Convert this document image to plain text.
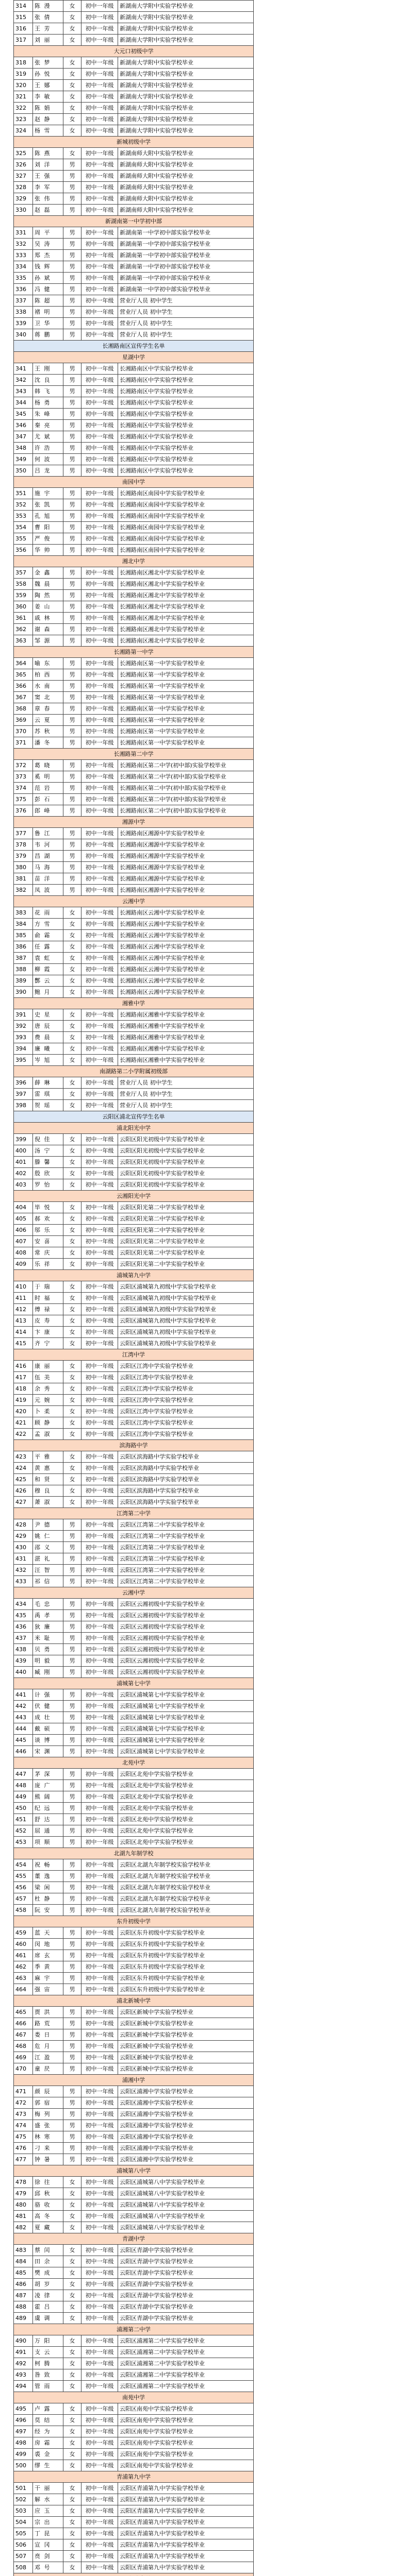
314	陈 漫	女	初中一年级	新湖南大学附中实验学校毕业
315	张 倩	女	初中一年级	新湖南大学附中实验学校毕业
316	王 芳	女	初中一年级	新湖南大学附中实验学校毕业
317	刘 丽	女	初中一年级	新湖南大学附中实验学校毕业
大元口初级中学				
318	张 梦	女	初中一年级	新湖南大学附中实验学校毕业
319	孙 悦	女	初中一年级	新湖南大学附中实验学校毕业
320	王 娜	女	初中一年级	新湖南大学附中实验学校毕业
321	李 敏	女	初中一年级	新湖南大学附中实验学校毕业
322	陈 娟	女	初中一年级	新湖南大学附中实验学校毕业
323	赵 静	女	初中一年级	新湖南大学附中实验学校毕业
324	杨 雪	女	初中一年级	新湖南大学附中实验学校毕业
新城初级中学				
325	陈 燕	女	初中一年级	新湖南师大附中实验学校毕业
326	刘 洋	男	初中一年级	新湖南师大附中实验学校毕业
327	王 强	男	初中一年级	新湖南师大附中实验学校毕业
328	李 军	男	初中一年级	新湖南师大附中实验学校毕业
329	张 伟	男	初中一年级	新湖南师大附中实验学校毕业
330	赵 磊	男	初中一年级	新湖南师大附中实验学校毕业
新湖南第一中学初中部				
331	周 平	男	初中一年级	新湖南第一中学初中部实验学校毕业
332	吴 涛	男	初中一年级	新湖南第一中学初中部实验学校毕业
333	郑 杰	男	初中一年级	新湖南第一中学初中部实验学校毕业
334	钱 辉	男	初中一年级	新湖南第一中学初中部实验学校毕业
335	孙 斌	男	初中一年级	新湖南第一中学初中部实验学校毕业
336	冯 健	男	初中一年级	新湖南第一中学初中部实验学校毕业
337	陈 超	男	初中一年级	营业厅人员 初中学生
338	褚 明	男	初中一年级	营业厅人员 初中学生
339	卫 华	男	初中一年级	营业厅人员 初中学生
340	蒋 鹏	男	初中一年级	营业厅人员 初中学生
长湘路南区宣传学生名单				
星湖中学				
341	王 刚	男	初中一年级	长湘路南区中学实验学校毕业
342	沈 良	男	初中一年级	长湘路南区中学实验学校毕业
343	韩 飞	男	初中一年级	长湘路南区中学实验学校毕业
344	杨 勇	男	初中一年级	长湘路南区中学实验学校毕业
345	朱 峰	男	初中一年级	长湘路南区中学实验学校毕业
346	秦 亮	男	初中一年级	长湘路南区中学实验学校毕业
347	尤 斌	男	初中一年级	长湘路南区中学实验学校毕业
348	许 浩	男	初中一年级	长湘路南区中学实验学校毕业
349	何 波	男	初中一年级	长湘路南区中学实验学校毕业
350	吕 龙	男	初中一年级	长湘路南区中学实验学校毕业
南园中学				
351	施 宇	男	初中一年级	长湘路南区南园中学实验学校毕业
352	张 凯	男	初中一年级	长湘路南区南园中学实验学校毕业
353	孔 旭	男	初中一年级	长湘路南区南园中学实验学校毕业
354	曹 阳	男	初中一年级	长湘路南区南园中学实验学校毕业
355	严 俊	男	初中一年级	长湘路南区南园中学实验学校毕业
356	华 帅	男	初中一年级	长湘路南区南园中学实验学校毕业
湘北中学				
357	金 鑫	男	初中一年级	长湘路南区湘北中学实验学校毕业
358	魏 晨	男	初中一年级	长湘路南区湘北中学实验学校毕业
359	陶 然	男	初中一年级	长湘路南区湘北中学实验学校毕业
360	姜 山	男	初中一年级	长湘路南区湘北中学实验学校毕业
361	戚 林	男	初中一年级	长湘路南区湘北中学实验学校毕业
362	谢 森	男	初中一年级	长湘路南区湘北中学实验学校毕业
363	邹 源	男	初中一年级	长湘路南区湘北中学实验学校毕业
长湘路第一中学				
364	喻 东	男	初中一年级	长湘路南区第一中学实验学校毕业
365	柏 西	男	初中一年级	长湘路南区第一中学实验学校毕业
366	水 南	男	初中一年级	长湘路南区第一中学实验学校毕业
367	窦 北	男	初中一年级	长湘路南区第一中学实验学校毕业
368	章 春	男	初中一年级	长湘路南区第一中学实验学校毕业
369	云 夏	男	初中一年级	长湘路南区第一中学实验学校毕业
370	苏 秋	男	初中一年级	长湘路南区第一中学实验学校毕业
371	潘 冬	男	初中一年级	长湘路南区第一中学实验学校毕业
长湘路第二中学				
372	葛 晓	男	初中一年级	长湘路南区第二中学(初中部)实验学校毕业
373	奚 明	男	初中一年级	长湘路南区第二中学(初中部)实验学校毕业
374	范 岩	男	初中一年级	长湘路南区第二中学(初中部)实验学校毕业
375	彭 石	男	初中一年级	长湘路南区第二中学(初中部)实验学校毕业
376	郎 峰	男	初中一年级	长湘路南区第二中学(初中部)实验学校毕业
湘源中学				
377	鲁 江	男	初中一年级	长湘路南区湘源中学实验学校毕业
378	韦 河	男	初中一年级	长湘路南区湘源中学实验学校毕业
379	昌 湖	男	初中一年级	长湘路南区湘源中学实验学校毕业
380	马 海	男	初中一年级	长湘路南区湘源中学实验学校毕业
381	苗 洋	男	初中一年级	长湘路南区湘源中学实验学校毕业
382	凤 波	男	初中一年级	长湘路南区湘源中学实验学校毕业
云湘中学				
383	花 雨	女	初中一年级	长湘路南区云湘中学实验学校毕业
384	方 雪	女	初中一年级	长湘路南区云湘中学实验学校毕业
385	俞 霜	女	初中一年级	长湘路南区云湘中学实验学校毕业
386	任 露	女	初中一年级	长湘路南区云湘中学实验学校毕业
387	袁 虹	女	初中一年级	长湘路南区云湘中学实验学校毕业
388	柳 霞	女	初中一年级	长湘路南区云湘中学实验学校毕业
389	酆 云	女	初中一年级	长湘路南区云湘中学实验学校毕业
390	鲍 月	女	初中一年级	长湘路南区云湘中学实验学校毕业
湘雅中学				
391	史 星	女	初中一年级	长湘路南区湘雅中学实验学校毕业
392	唐 辰	女	初中一年级	长湘路南区湘雅中学实验学校毕业
393	费 晨	女	初中一年级	长湘路南区湘雅中学实验学校毕业
394	廉 曦	女	初中一年级	长湘路南区湘雅中学实验学校毕业
395	岑 旭	女	初中一年级	长湘路南区湘雅中学实验学校毕业
南湖路第二小学附属初级部				
396	薛 琳	女	初中一年级	营业厅人员 初中学生
397	雷 琪	女	初中一年级	营业厅人员 初中学生
398	贺 瑶	女	初中一年级	营业厅人员 初中学生
云阳区浦北宣传学生名单				
浦北阳光中学				
399	倪 佳	女	初中一年级	云阳区阳光初级中学实验学校毕业
400	汤 宁	女	初中一年级	云阳区阳光初级中学实验学校毕业
401	滕 馨	女	初中一年级	云阳区阳光初级中学实验学校毕业
402	殷 欣	女	初中一年级	云阳区阳光初级中学实验学校毕业
403	罗 怡	女	初中一年级	云阳区阳光初级中学实验学校毕业
云湘阳光中学				
404	毕 悦	女	初中一年级	云阳区阳光第二中学实验学校毕业
405	郝 欢	女	初中一年级	云阳区阳光第二中学实验学校毕业
406	邬 乐	女	初中一年级	云阳区阳光第二中学实验学校毕业
407	安 喜	女	初中一年级	云阳区阳光第二中学实验学校毕业
408	常 庆	女	初中一年级	云阳区阳光第二中学实验学校毕业
409	乐 祥	女	初中一年级	云阳区阳光第二中学实验学校毕业
浦城第九中学				
410	于 瑞	女	初中一年级	云阳区浦城第九初级中学实验学校毕业
411	时 福	女	初中一年级	云阳区浦城第九初级中学实验学校毕业
412	傅 禄	女	初中一年级	云阳区浦城第九初级中学实验学校毕业
413	皮 寿	女	初中一年级	云阳区浦城第九初级中学实验学校毕业
414	卞 康	女	初中一年级	云阳区浦城第九初级中学实验学校毕业
415	齐 宁	女	初中一年级	云阳区浦城第九初级中学实验学校毕业
江湾中学				
416	康 丽	女	初中一年级	云阳区江湾中学实验学校毕业
417	伍 美	女	初中一年级	云阳区江湾中学实验学校毕业
418	余 秀	女	初中一年级	云阳区江湾中学实验学校毕业
419	元 婉	女	初中一年级	云阳区江湾中学实验学校毕业
420	卜 柔	女	初中一年级	云阳区江湾中学实验学校毕业
421	顾 静	女	初中一年级	云阳区江湾中学实验学校毕业
422	孟 淑	女	初中一年级	云阳区江湾中学实验学校毕业
滨海路中学				
423	平 雅	女	初中一年级	云阳区滨海路中学实验学校毕业
424	黄 惠	女	初中一年级	云阳区滨海路中学实验学校毕业
425	和 贤	女	初中一年级	云阳区滨海路中学实验学校毕业
426	穆 良	女	初中一年级	云阳区滨海路中学实验学校毕业
427	萧 淑	女	初中一年级	云阳区滨海路中学实验学校毕业
江湾第二中学				
428	尹 德	男	初中一年级	云阳区江湾第二中学实验学校毕业
429	姚 仁	男	初中一年级	云阳区江湾第二中学实验学校毕业
430	邵 义	男	初中一年级	云阳区江湾第二中学实验学校毕业
431	湛 礼	男	初中一年级	云阳区江湾第二中学实验学校毕业
432	汪 智	男	初中一年级	云阳区江湾第二中学实验学校毕业
433	祁 信	男	初中一年级	云阳区江湾第二中学实验学校毕业
云湘中学				
434	毛 忠	男	初中一年级	云阳区云湘初级中学实验学校毕业
435	禹 孝	男	初中一年级	云阳区云湘初级中学实验学校毕业
436	狄 廉	男	初中一年级	云阳区云湘初级中学实验学校毕业
437	米 耻	男	初中一年级	云阳区云湘初级中学实验学校毕业
438	贝 勇	男	初中一年级	云阳区云湘初级中学实验学校毕业
439	明 毅	男	初中一年级	云阳区云湘初级中学实验学校毕业
440	臧 刚	男	初中一年级	云阳区云湘初级中学实验学校毕业
浦城第七中学				
441	计 强	男	初中一年级	云阳区浦城第七中学实验学校毕业
442	伏 健	男	初中一年级	云阳区浦城第七中学实验学校毕业
443	成 壮	男	初中一年级	云阳区浦城第七中学实验学校毕业
444	戴 硕	男	初中一年级	云阳区浦城第七中学实验学校毕业
445	谈 博	男	初中一年级	云阳区浦城第七中学实验学校毕业
446	宋 渊	男	初中一年级	云阳区浦城第七中学实验学校毕业
北苑中学				
447	茅 深	男	初中一年级	云阳区北苑中学实验学校毕业
448	庞 广	男	初中一年级	云阳区北苑中学实验学校毕业
449	熊 阔	男	初中一年级	云阳区北苑中学实验学校毕业
450	纪 远	男	初中一年级	云阳区北苑中学实验学校毕业
451	舒 达	男	初中一年级	云阳区北苑中学实验学校毕业
452	屈 通	男	初中一年级	云阳区北苑中学实验学校毕业
453	项 顺	男	初中一年级	云阳区北苑中学实验学校毕业
北湖九年制学校				
454	祝 畅	男	初中一年级	云阳区北湖九年制学校实验学校毕业
455	董 逸	男	初中一年级	云阳区北湖九年制学校实验学校毕业
456	梁 闲	男	初中一年级	云阳区北湖九年制学校实验学校毕业
457	杜 静	男	初中一年级	云阳区北湖九年制学校实验学校毕业
458	阮 安	男	初中一年级	云阳区北湖九年制学校实验学校毕业
东升初级中学				
459	蓝 天	男	初中一年级	云阳区东升初级中学实验学校毕业
460	闵 地	男	初中一年级	云阳区东升初级中学实验学校毕业
461	席 玄	男	初中一年级	云阳区东升初级中学实验学校毕业
462	季 黄	男	初中一年级	云阳区东升初级中学实验学校毕业
463	麻 宇	男	初中一年级	云阳区东升初级中学实验学校毕业
464	强 宙	男	初中一年级	云阳区东升初级中学实验学校毕业
浦北新城中学				
465	贾 洪	男	初中一年级	云阳区新城中学实验学校毕业
466	路 荒	男	初中一年级	云阳区新城中学实验学校毕业
467	娄 日	男	初中一年级	云阳区新城中学实验学校毕业
468	危 月	男	初中一年级	云阳区新城中学实验学校毕业
469	江 盈	男	初中一年级	云阳区新城中学实验学校毕业
470	童 昃	男	初中一年级	云阳区新城中学实验学校毕业
浦湘中学				
471	颜 辰	男	初中一年级	云阳区浦湘中学实验学校毕业
472	郭 宿	男	初中一年级	云阳区浦湘中学实验学校毕业
473	梅 列	男	初中一年级	云阳区浦湘中学实验学校毕业
474	盛 张	男	初中一年级	云阳区浦湘中学实验学校毕业
475	林 寒	男	初中一年级	云阳区浦湘中学实验学校毕业
476	刁 来	男	初中一年级	云阳区浦湘中学实验学校毕业
477	钟 暑	男	初中一年级	云阳区浦湘中学实验学校毕业
浦城第八中学				
478	徐 往	女	初中一年级	云阳区浦城第八中学实验学校毕业
479	邱 秋	女	初中一年级	云阳区浦城第八中学实验学校毕业
480	骆 收	女	初中一年级	云阳区浦城第八中学实验学校毕业
481	高 冬	女	初中一年级	云阳区浦城第八中学实验学校毕业
482	夏 藏	女	初中一年级	云阳区浦城第八中学实验学校毕业
青湖中学				
483	蔡 闰	女	初中一年级	云阳区青湖中学实验学校毕业
484	田 余	女	初中一年级	云阳区青湖中学实验学校毕业
485	樊 成	女	初中一年级	云阳区青湖中学实验学校毕业
486	胡 岁	女	初中一年级	云阳区青湖中学实验学校毕业
487	凌 律	女	初中一年级	云阳区青湖中学实验学校毕业
488	霍 吕	女	初中一年级	云阳区青湖中学实验学校毕业
489	虞 调	女	初中一年级	云阳区青湖中学实验学校毕业
浦湘第二中学				
490	万 阳	女	初中一年级	云阳区浦湘第二中学实验学校毕业
491	支 云	女	初中一年级	云阳区浦湘第二中学实验学校毕业
492	柯 腾	女	初中一年级	云阳区浦湘第二中学实验学校毕业
493	昝 致	女	初中一年级	云阳区浦湘第二中学实验学校毕业
494	管 雨	女	初中一年级	云阳区浦湘第二中学实验学校毕业
南苑中学				
495	卢 露	女	初中一年级	云阳区南苑中学实验学校毕业
496	莫 结	女	初中一年级	云阳区南苑中学实验学校毕业
497	经 为	女	初中一年级	云阳区南苑中学实验学校毕业
498	房 霜	女	初中一年级	云阳区南苑中学实验学校毕业
499	裘 金	女	初中一年级	云阳区南苑中学实验学校毕业
500	缪 生	女	初中一年级	云阳区南苑中学实验学校毕业
青浦第九中学				
501	干 丽	女	初中一年级	云阳区青浦第九中学实验学校毕业
502	解 水	女	初中一年级	云阳区青浦第九中学实验学校毕业
503	应 玉	女	初中一年级	云阳区青浦第九中学实验学校毕业
504	宗 出	女	初中一年级	云阳区青浦第九中学实验学校毕业
505	丁 昆	女	初中一年级	云阳区青浦第九中学实验学校毕业
506	宣 冈	女	初中一年级	云阳区青浦第九中学实验学校毕业
507	贲 剑	女	初中一年级	云阳区青浦第九中学实验学校毕业
508	邓 号	女	初中一年级	云阳区青浦第九中学实验学校毕业
